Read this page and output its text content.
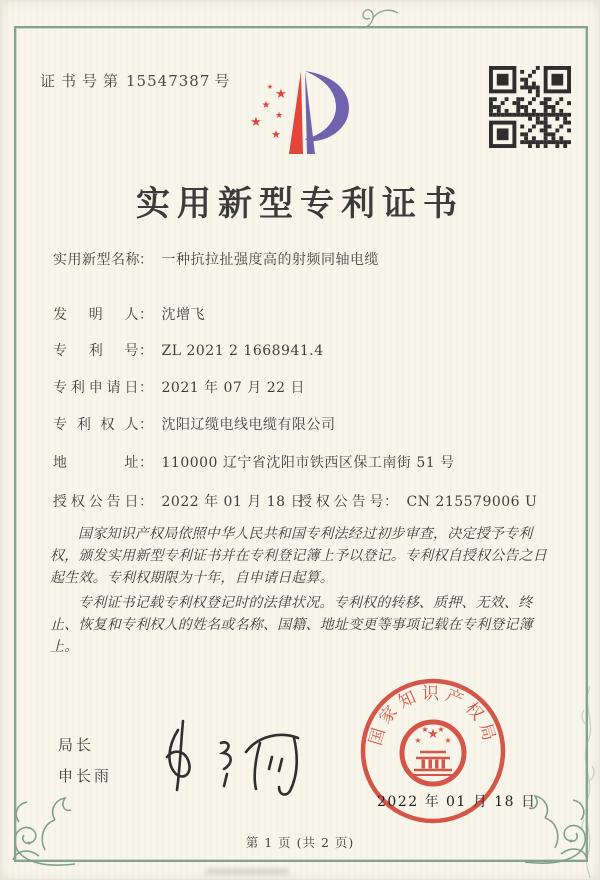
证书号第 15547387 号
★
★
★
★
★
★
实用新型专利证书
实用新型名称： 一种抗拉扯强度高的射频同轴电缆
发明人： 沈增飞
专利号： ZL 2021 2 1668941.4
专利申请日： 2021 年 07 月 22 日
专利权人： 沈阳辽缆电线电缆有限公司
地址： 110000 辽宁省沈阳市铁西区保工南街 51 号
授权公告日： 2022 年 01 月 18 日
授权公告号： CN 215579006 U

国家知识产权局依照中华人民共和国专利法经过初步审查，决定授予专利权，颁发实用新型专利证书并在专利登记簿上予以登记。专利权自授权公告之日起生效。专利权期限为十年，自申请日起算。

专利证书记载专利权登记时的法律状况。专利权的转移、质押、无效、终止、恢复和专利权人的姓名或名称、国籍、地址变更等事项记载在专利登记簿上。

局长
申长雨
国家知识产权局
★
★
★ ★
★
2022 年 01 月 18 日
第 1 页 (共 2 页)
